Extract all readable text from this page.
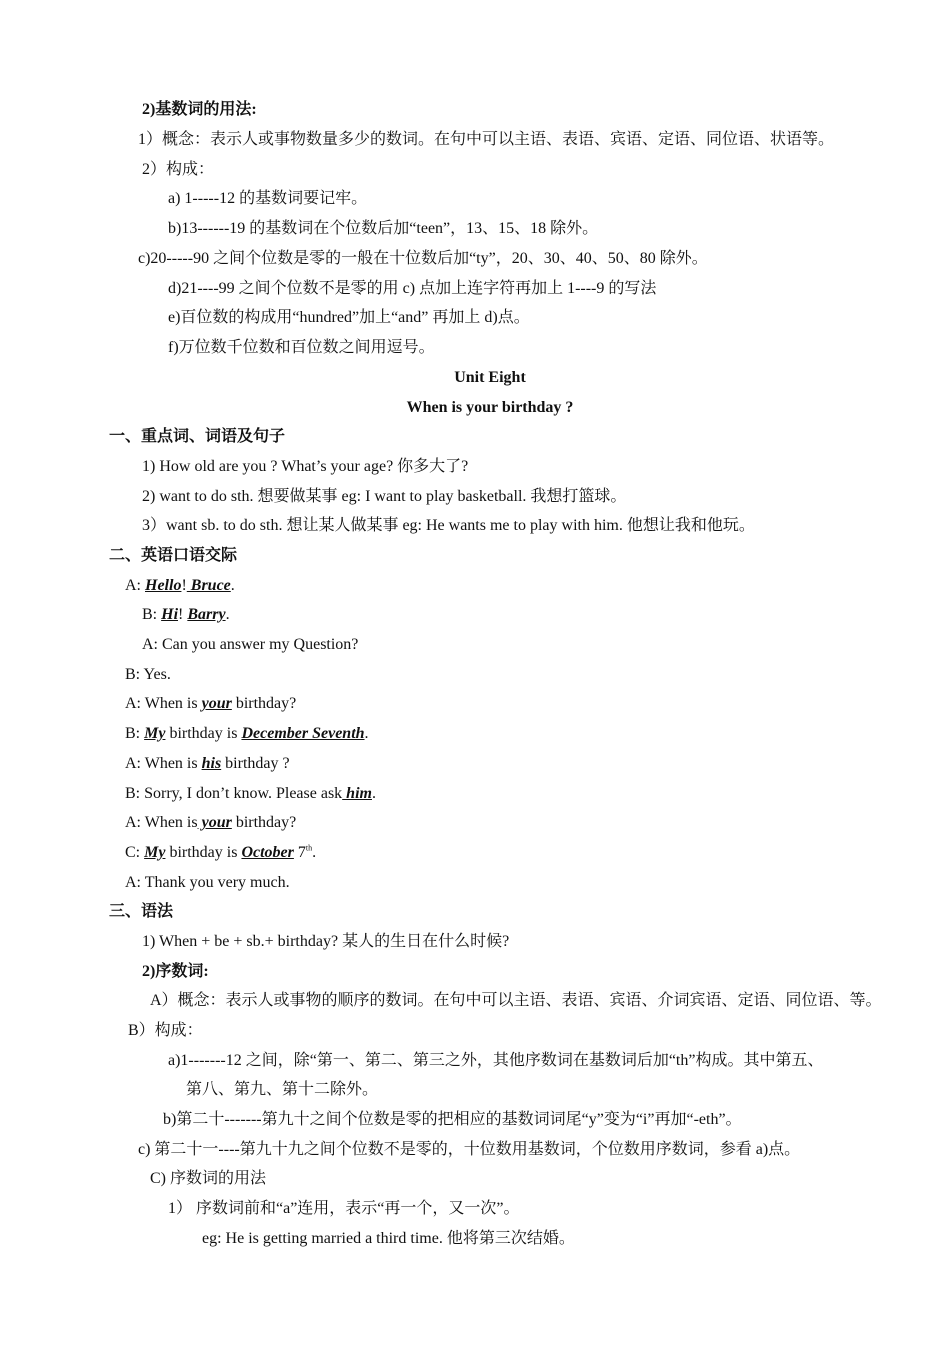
2)基数词的用法:
1）概念：表示人或事物数量多少的数词。在句中可以主语、表语、宾语、定语、同位语、状语等。
2）构成：
a) 1-----12 的基数词要记牢。
b)13------19 的基数词在个位数后加“teen”，13、15、18 除外。
c)20-----90 之间个位数是零的一般在十位数后加“ty”，20、30、40、50、80 除外。
d)21----99 之间个位数不是零的用 c) 点加上连字符再加上 1----9 的写法
e)百位数的构成用“hundred”加上“and” 再加上 d)点。
f)万位数千位数和百位数之间用逗号。
Unit Eight
When is your birthday ?
一、重点词、词语及句子
1) How old are you ? What’s your age? 你多大了?
2) want to do sth. 想要做某事 eg: I want to play basketball. 我想打篮球。
3）want sb. to do sth. 想让某人做某事 eg: He wants me to play with him. 他想让我和他玩。
二、英语口语交际
A: Hello! Bruce.
B: Hi! Barry.
A: Can you answer my Question?
B: Yes.
A: When is your birthday?
B: My birthday is December Seventh.
A: When is his birthday ?
B: Sorry, I don’t know. Please ask him.
A: When is your birthday?
C: My birthday is October 7th.
A: Thank you very much.
三、语法
1) When + be + sb.+ birthday? 某人的生日在什么时候?
2)序数词:
A）概念：表示人或事物的顺序的数词。在句中可以主语、表语、宾语、介词宾语、定语、同位语、等。
B）构成：
a)1-------12 之间，除“第一、第二、第三之外，其他序数词在基数词后加“th”构成。其中第五、
第八、第九、第十二除外。
b)第二十-------第九十之间个位数是零的把相应的基数词词尾“y”变为“i”再加“-eth”。
c) 第二十一----第九十九之间个位数不是零的，十位数用基数词，个位数用序数词，参看 a)点。
C) 序数词的用法
1） 序数词前和“a”连用，表示“再一个，又一次”。
eg: He is getting married a third time. 他将第三次结婚。
